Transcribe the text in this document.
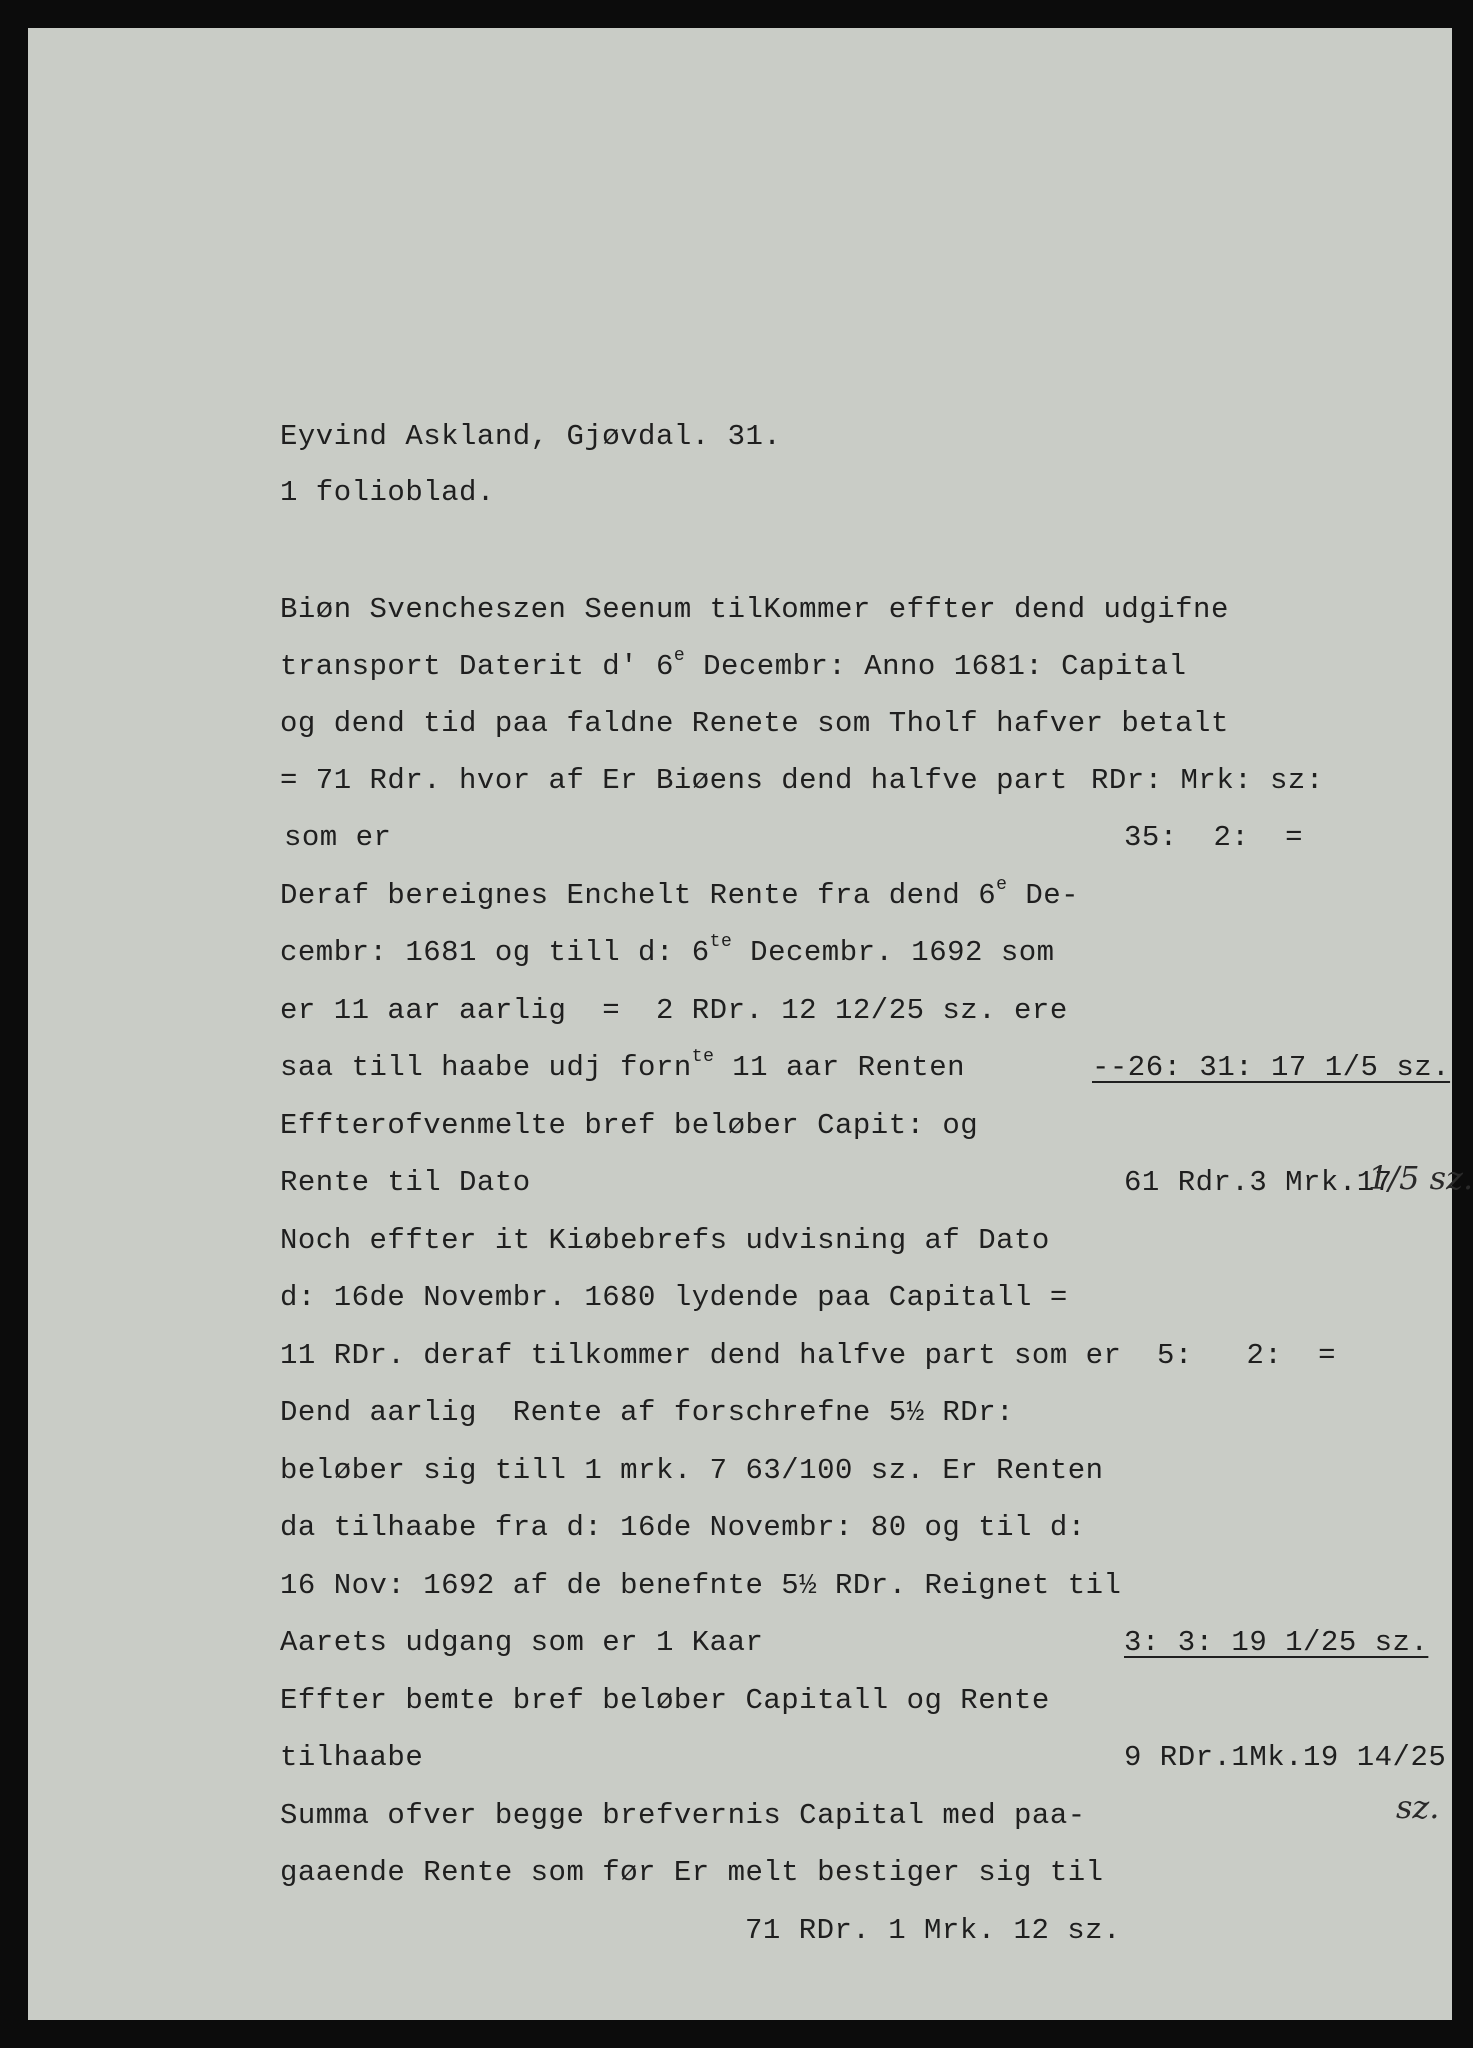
Eyvind Askland, Gjøvdal. 31.
1 folioblad.
Biøn Svencheszen Seenum tilKommer effter dend udgifne
transport Daterit d' 6e Decembr: Anno 1681: Capital
og dend tid paa faldne Renete som Tholf hafver betalt
= 71 Rdr. hvor af Er Biøens dend halfve part RDr: Mrk: sz:
som er	35:  2:  =
Deraf bereignes Enchelt Rente fra dend 6e De-
cembr: 1681 og till d: $6^{te}$ Decembr. 1692 som
er 11 aar aarlig  =  2 RDr. 12 12/25 sz. ere
saa till haabe udj forn$^{te}$ 11 aar Renten	--26: 31: 17 1/5 sz.
Effterofvenmelte bref beløber Capit: og
Rente til Dato	61 Rdr.3 Mrk.17
1/5 sz.
Noch effter it Kiøbebrefs udvisning af Dato
d: 16de Novembr. 1680 lydende paa Capitall =
11 RDr. deraf tilkommer dend halfve part som er 5:   2:  =
Dend aarlig  Rente af forschrefne 5½ RDr:
beløber sig till 1 mrk. 7 63/100 sz. Er Renten
da tilhaabe fra d: 16de Novembr: 80 og til d:
16 Nov: 1692 af de benefnte 5½ RDr. Reignet til
Aarets udgang som er 1 Kaar	3: 3: 19 1/25 sz.
Effter bemte bref beløber Capitall og Rente
tilhaabe	9 RDr.1Mk.19 14/25
sz.
Summa ofver begge brefvernis Capital med paa-
gaaende Rente som før Er melt bestiger sig til
71 RDr. 1 Mrk. 12 sz.
